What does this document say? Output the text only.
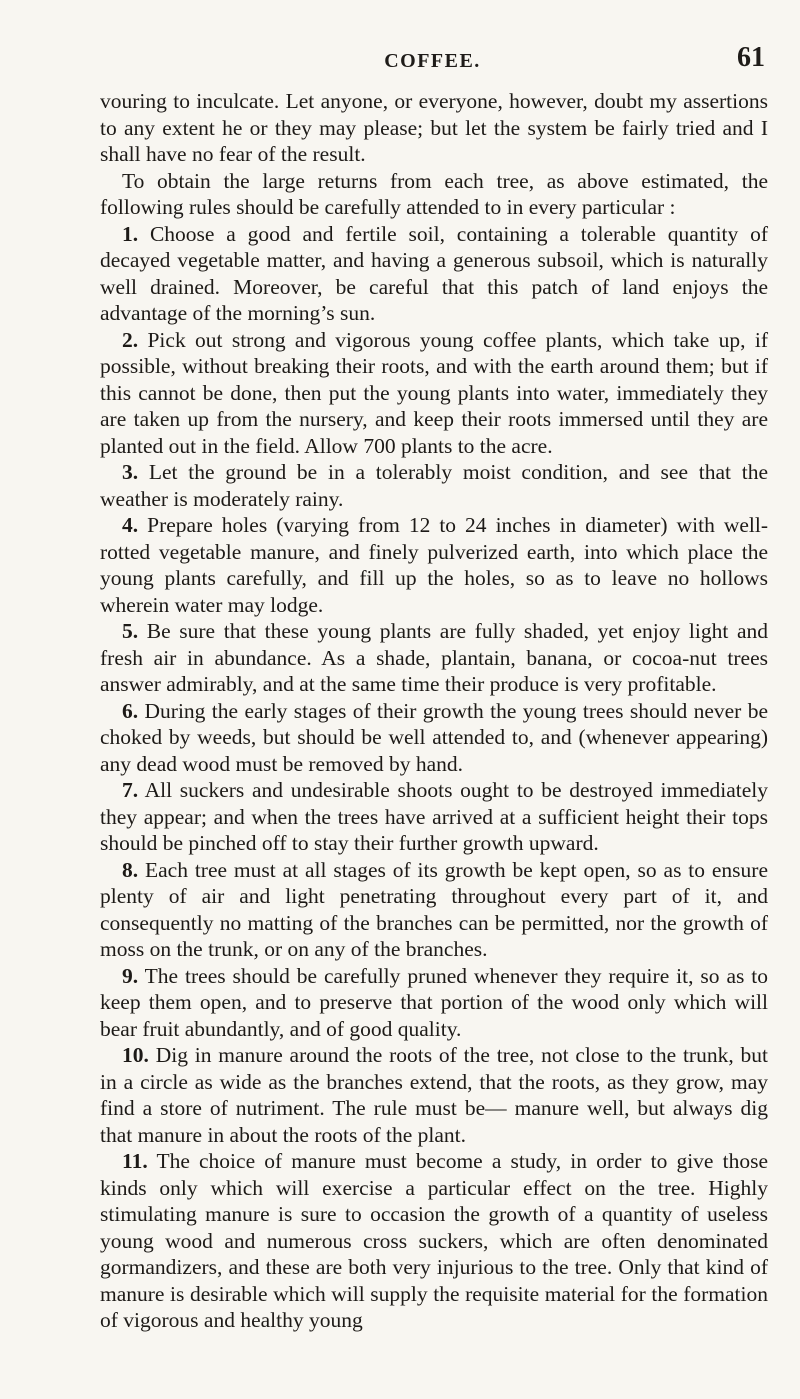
COFFEE.	61

vouring to inculcate. Let anyone, or everyone, however, doubt my assertions to any extent he or they may please; but let the system be fairly tried and I shall have no fear of the result.

To obtain the large returns from each tree, as above estimated, the following rules should be carefully attended to in every particular :

1. Choose a good and fertile soil, containing a tolerable quantity of decayed vegetable matter, and having a generous subsoil, which is naturally well drained. Moreover, be careful that this patch of land enjoys the advantage of the morning’s sun.

2. Pick out strong and vigorous young coffee plants, which take up, if possible, without breaking their roots, and with the earth around them; but if this cannot be done, then put the young plants into water, immediately they are taken up from the nursery, and keep their roots immersed until they are planted out in the field. Allow 700 plants to the acre.

3. Let the ground be in a tolerably moist condition, and see that the weather is moderately rainy.

4. Prepare holes (varying from 12 to 24 inches in diameter) with well-rotted vegetable manure, and finely pulverized earth, into which place the young plants carefully, and fill up the holes, so as to leave no hollows wherein water may lodge.

5. Be sure that these young plants are fully shaded, yet enjoy light and fresh air in abundance. As a shade, plantain, banana, or cocoa-nut trees answer admirably, and at the same time their produce is very profitable.

6. During the early stages of their growth the young trees should never be choked by weeds, but should be well attended to, and (whenever appearing) any dead wood must be removed by hand.

7. All suckers and undesirable shoots ought to be destroyed immediately they appear; and when the trees have arrived at a sufficient height their tops should be pinched off to stay their further growth upward.

8. Each tree must at all stages of its growth be kept open, so as to ensure plenty of air and light penetrating throughout every part of it, and consequently no matting of the branches can be permitted, nor the growth of moss on the trunk, or on any of the branches.

9. The trees should be carefully pruned whenever they require it, so as to keep them open, and to preserve that portion of the wood only which will bear fruit abundantly, and of good quality.

10. Dig in manure around the roots of the tree, not close to the trunk, but in a circle as wide as the branches extend, that the roots, as they grow, may find a store of nutriment. The rule must be— manure well, but always dig that manure in about the roots of the plant.

11. The choice of manure must become a study, in order to give those kinds only which will exercise a particular effect on the tree. Highly stimulating manure is sure to occasion the growth of a quantity of useless young wood and numerous cross suckers, which are often denominated gormandizers, and these are both very injurious to the tree. Only that kind of manure is desirable which will supply the requisite material for the formation of vigorous and healthy young
